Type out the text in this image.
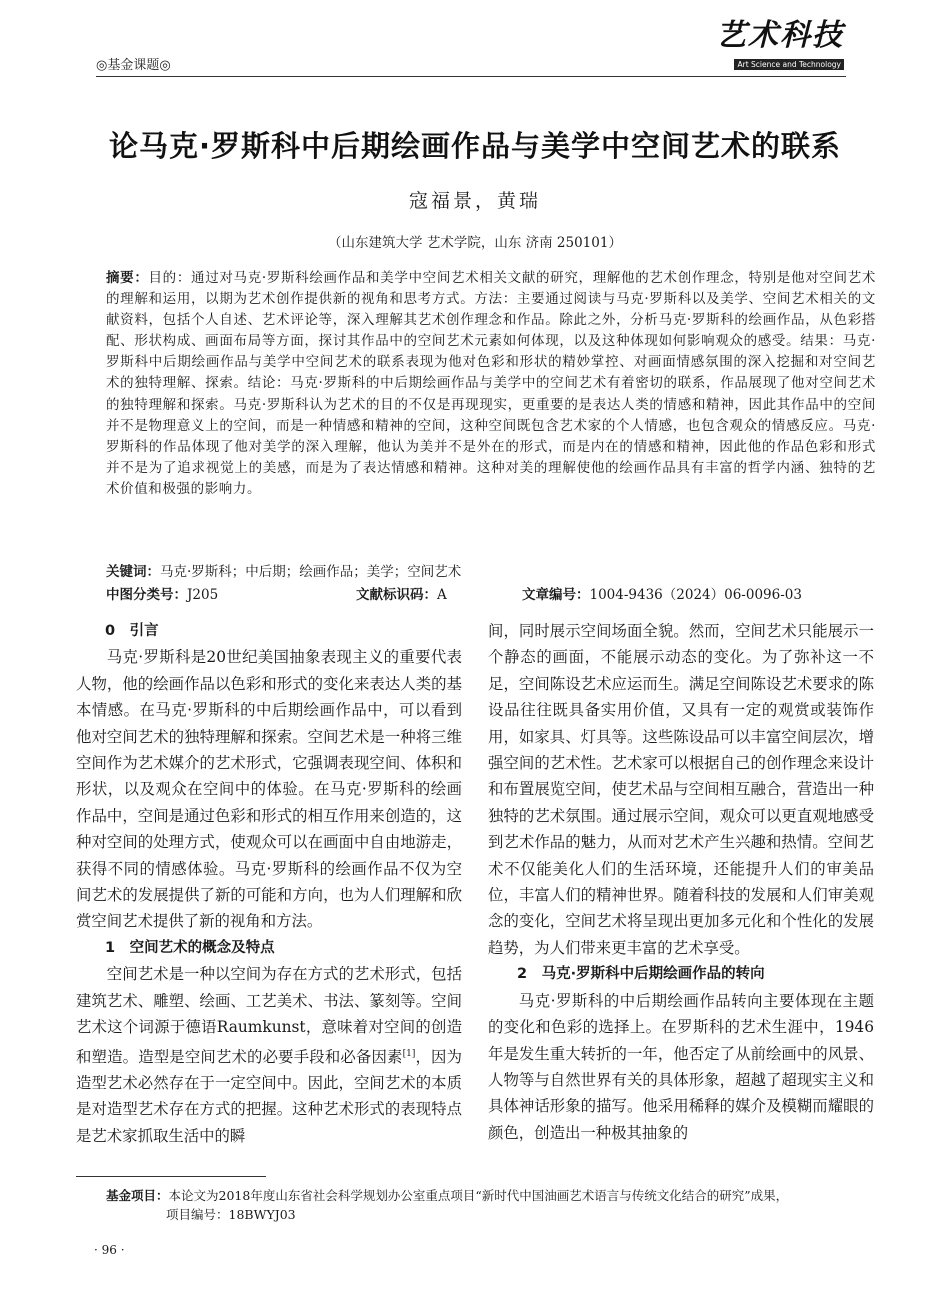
◎基金课题◎
艺术科技
Art Science and Technology
论马克·罗斯科中后期绘画作品与美学中空间艺术的联系
寇福景，黄瑞
（山东建筑大学 艺术学院，山东 济南 250101）
摘要：目的：通过对马克·罗斯科绘画作品和美学中空间艺术相关文献的研究，理解他的艺术创作理念，特别是他对空间艺术的理解和运用，以期为艺术创作提供新的视角和思考方式。方法：主要通过阅读与马克·罗斯科以及美学、空间艺术相关的文献资料，包括个人自述、艺术评论等，深入理解其艺术创作理念和作品。除此之外，分析马克·罗斯科的绘画作品，从色彩搭配、形状构成、画面布局等方面，探讨其作品中的空间艺术元素如何体现，以及这种体现如何影响观众的感受。结果：马克·罗斯科中后期绘画作品与美学中空间艺术的联系表现为他对色彩和形状的精妙掌控、对画面情感氛围的深入挖掘和对空间艺术的独特理解、探索。结论：马克·罗斯科的中后期绘画作品与美学中的空间艺术有着密切的联系，作品展现了他对空间艺术的独特理解和探索。马克·罗斯科认为艺术的目的不仅是再现现实，更重要的是表达人类的情感和精神，因此其作品中的空间并不是物理意义上的空间，而是一种情感和精神的空间，这种空间既包含艺术家的个人情感，也包含观众的情感反应。马克·罗斯科的作品体现了他对美学的深入理解，他认为美并不是外在的形式，而是内在的情感和精神，因此他的作品色彩和形式并不是为了追求视觉上的美感，而是为了表达情感和精神。这种对美的理解使他的绘画作品具有丰富的哲学内涵、独特的艺术价值和极强的影响力。
关键词：马克·罗斯科；中后期；绘画作品；美学；空间艺术
中图分类号：J205	文献标识码：A	文章编号：1004-9436（2024）06-0096-03

0　引言

马克·罗斯科是20世纪美国抽象表现主义的重要代表人物，他的绘画作品以色彩和形式的变化来表达人类的基本情感。在马克·罗斯科的中后期绘画作品中，可以看到他对空间艺术的独特理解和探索。空间艺术是一种将三维空间作为艺术媒介的艺术形式，它强调表现空间、体积和形状，以及观众在空间中的体验。在马克·罗斯科的绘画作品中，空间是通过色彩和形式的相互作用来创造的，这种对空间的处理方式，使观众可以在画面中自由地游走，获得不同的情感体验。马克·罗斯科的绘画作品不仅为空间艺术的发展提供了新的可能和方向，也为人们理解和欣赏空间艺术提供了新的视角和方法。

1　空间艺术的概念及特点

空间艺术是一种以空间为存在方式的艺术形式，包括建筑艺术、雕塑、绘画、工艺美术、书法、篆刻等。空间艺术这个词源于德语Raumkunst，意味着对空间的创造和塑造。造型是空间艺术的必要手段和必备因素[1]，因为造型艺术必然存在于一定空间中。因此，空间艺术的本质是对造型艺术存在方式的把握。这种艺术形式的表现特点是艺术家抓取生活中的瞬

间，同时展示空间场面全貌。然而，空间艺术只能展示一个静态的画面，不能展示动态的变化。为了弥补这一不足，空间陈设艺术应运而生。满足空间陈设艺术要求的陈设品往往既具备实用价值，又具有一定的观赏或装饰作用，如家具、灯具等。这些陈设品可以丰富空间层次，增强空间的艺术性。艺术家可以根据自己的创作理念来设计和布置展览空间，使艺术品与空间相互融合，营造出一种独特的艺术氛围。通过展示空间，观众可以更直观地感受到艺术作品的魅力，从而对艺术产生兴趣和热情。空间艺术不仅能美化人们的生活环境，还能提升人们的审美品位，丰富人们的精神世界。随着科技的发展和人们审美观念的变化，空间艺术将呈现出更加多元化和个性化的发展趋势，为人们带来更丰富的艺术享受。

2　马克·罗斯科中后期绘画作品的转向

马克·罗斯科的中后期绘画作品转向主要体现在主题的变化和色彩的选择上。在罗斯科的艺术生涯中，1946年是发生重大转折的一年，他否定了从前绘画中的风景、人物等与自然世界有关的具体形象，超越了超现实主义和具体神话形象的描写。他采用稀释的媒介及模糊而耀眼的颜色，创造出一种极其抽象的

基金项目：本论文为2018年度山东省社会科学规划办公室重点项目“新时代中国油画艺术语言与传统文化结合的研究”成果，
项目编号：18BWYJ03
· 96 ·
